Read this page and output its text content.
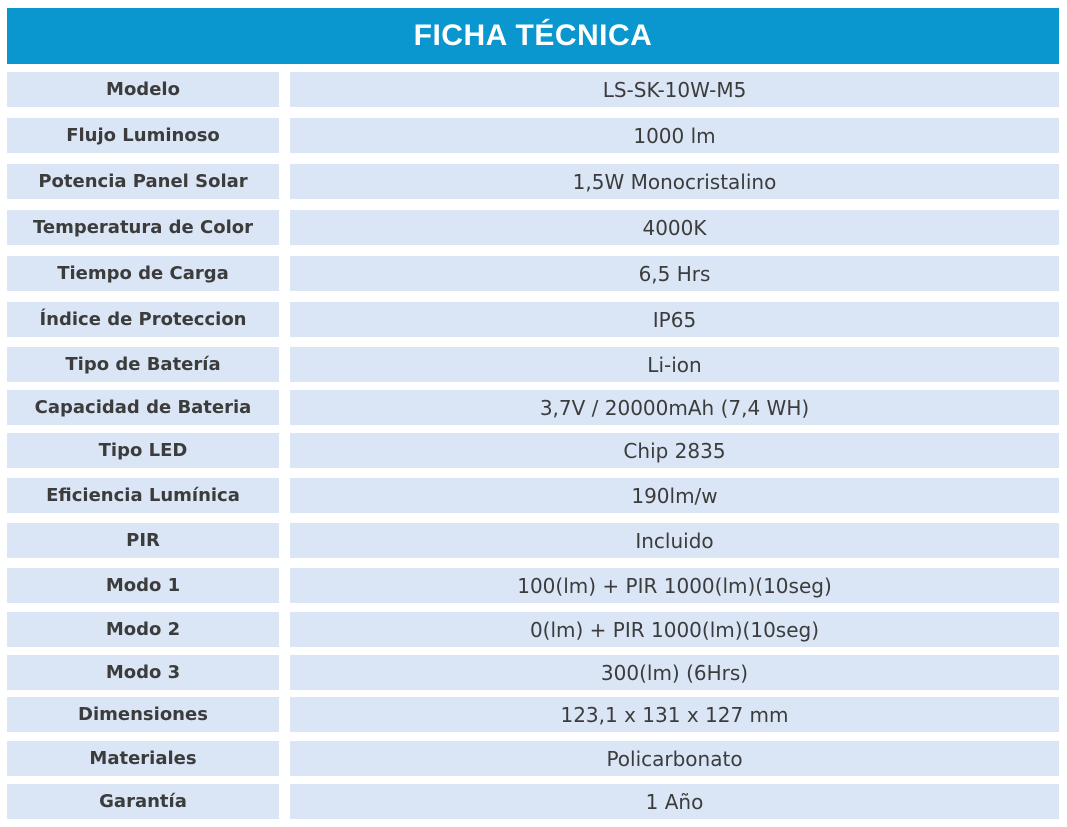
FICHA TÉCNICA
Modelo	LS-SK-10W-M5
Flujo Luminoso	1000 lm
Potencia Panel Solar	1,5W Monocristalino
Temperatura de Color	4000K
Tiempo de Carga	6,5 Hrs
Índice de Proteccion	IP65
Tipo de Batería	Li-ion
Capacidad de Bateria	3,7V / 20000mAh (7,4 WH)
Tipo LED	Chip 2835
Eficiencia Lumínica	190lm/w
PIR	Incluido
Modo 1	100(lm) + PIR 1000(lm)(10seg)
Modo 2	0(lm) + PIR 1000(lm)(10seg)
Modo 3	300(lm) (6Hrs)
Dimensiones	123,1 x 131 x 127 mm
Materiales	Policarbonato
Garantía	1 Año
